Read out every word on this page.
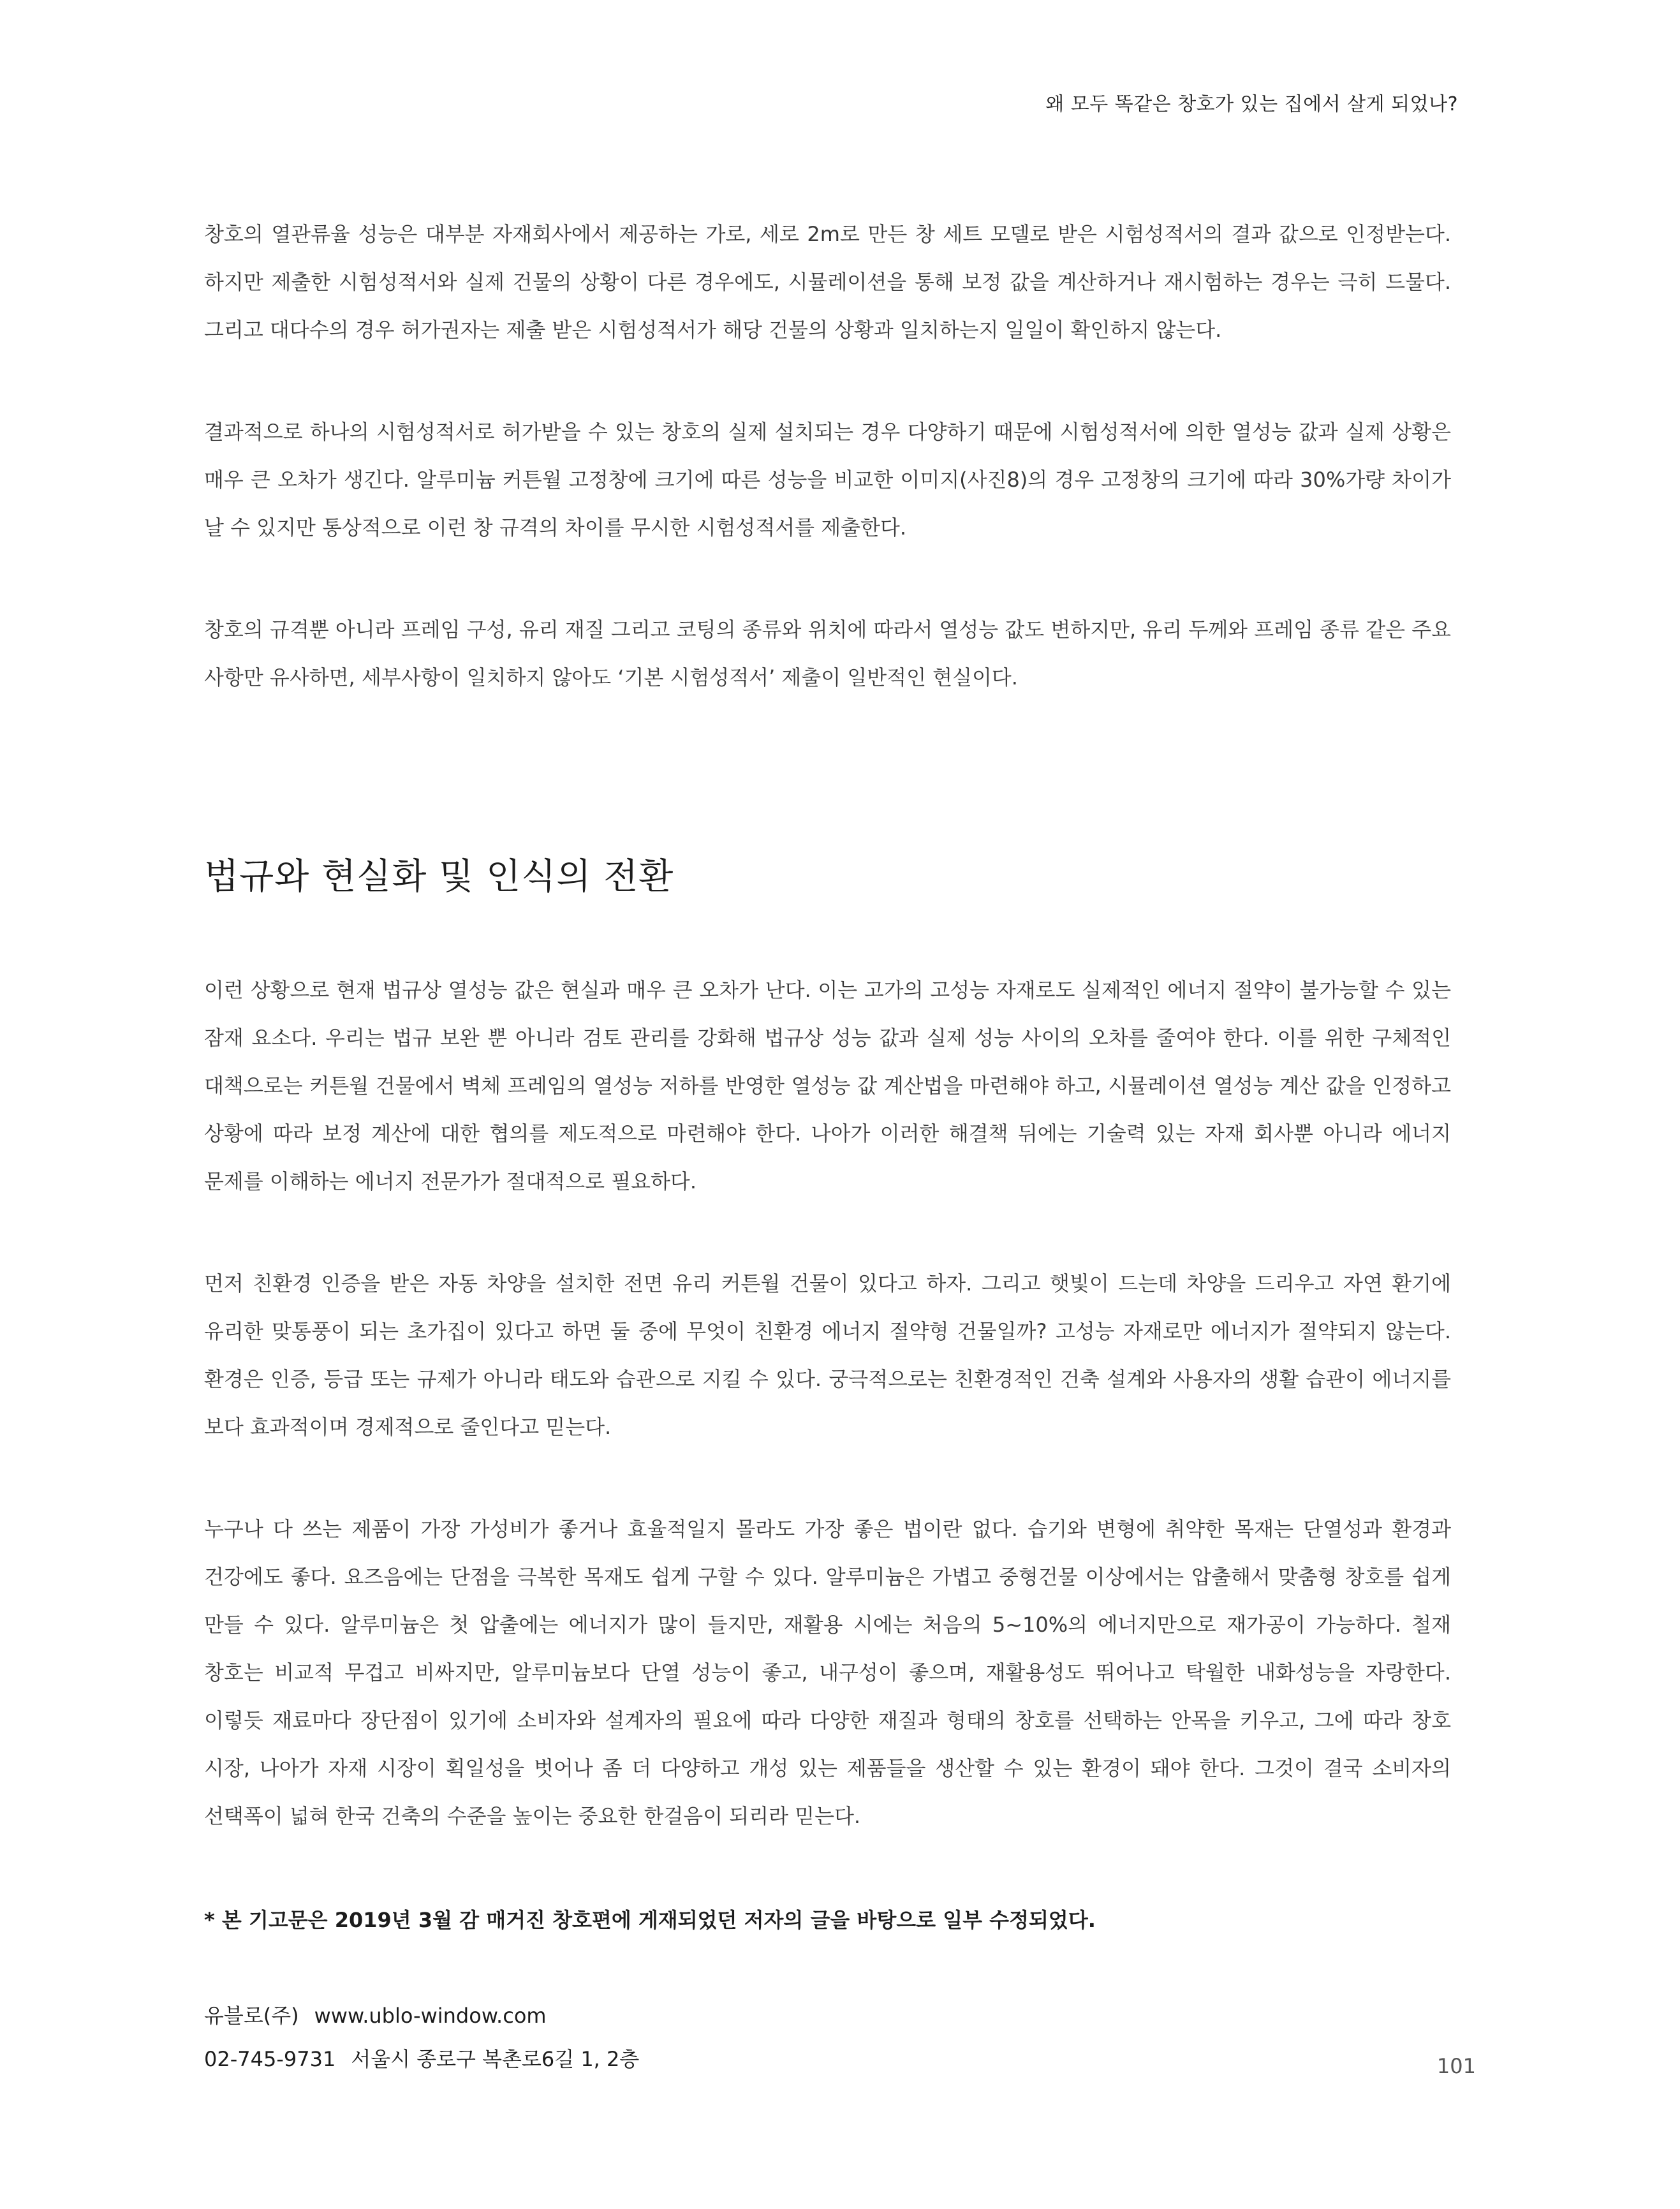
왜 모두 똑같은 창호가 있는 집에서 살게 되었나?

창호의 열관류율 성능은 대부분 자재회사에서 제공하는 가로, 세로 2m로 만든 창 세트 모델로 받은 시험성적서의 결과 값으로 인정받는다. 하지만 제출한 시험성적서와 실제 건물의 상황이 다른 경우에도, 시뮬레이션을 통해 보정 값을 계산하거나 재시험하는 경우는 극히 드물다. 그리고 대다수의 경우 허가권자는 제출 받은 시험성적서가 해당 건물의 상황과 일치하는지 일일이 확인하지 않는다.

결과적으로 하나의 시험성적서로 허가받을 수 있는 창호의 실제 설치되는 경우 다양하기 때문에 시험성적서에 의한 열성능 값과 실제 상황은 매우 큰 오차가 생긴다. 알루미늄 커튼월 고정창에 크기에 따른 성능을 비교한 이미지(사진8)의 경우 고정창의 크기에 따라 30%가량 차이가 날 수 있지만 통상적으로 이런 창 규격의 차이를 무시한 시험성적서를 제출한다.

창호의 규격뿐 아니라 프레임 구성, 유리 재질 그리고 코팅의 종류와 위치에 따라서 열성능 값도 변하지만, 유리 두께와 프레임 종류 같은 주요 사항만 유사하면, 세부사항이 일치하지 않아도 ‘기본 시험성적서’ 제출이 일반적인 현실이다.

법규와 현실화 및 인식의 전환

이런 상황으로 현재 법규상 열성능 값은 현실과 매우 큰 오차가 난다. 이는 고가의 고성능 자재로도 실제적인 에너지 절약이 불가능할 수 있는 잠재 요소다. 우리는 법규 보완 뿐 아니라 검토 관리를 강화해 법규상 성능 값과 실제 성능 사이의 오차를 줄여야 한다. 이를 위한 구체적인 대책으로는 커튼월 건물에서 벽체 프레임의 열성능 저하를 반영한 열성능 값 계산법을 마련해야 하고, 시뮬레이션 열성능 계산 값을 인정하고 상황에 따라 보정 계산에 대한 협의를 제도적으로 마련해야 한다. 나아가 이러한 해결책 뒤에는 기술력 있는 자재 회사뿐 아니라 에너지 문제를 이해하는 에너지 전문가가 절대적으로 필요하다.

먼저 친환경 인증을 받은 자동 차양을 설치한 전면 유리 커튼월 건물이 있다고 하자. 그리고 햇빛이 드는데 차양을 드리우고 자연 환기에 유리한 맞통풍이 되는 초가집이 있다고 하면 둘 중에 무엇이 친환경 에너지 절약형 건물일까? 고성능 자재로만 에너지가 절약되지 않는다. 환경은 인증, 등급 또는 규제가 아니라 태도와 습관으로 지킬 수 있다. 궁극적으로는 친환경적인 건축 설계와 사용자의 생활 습관이 에너지를 보다 효과적이며 경제적으로 줄인다고 믿는다.

누구나 다 쓰는 제품이 가장 가성비가 좋거나 효율적일지 몰라도 가장 좋은 법이란 없다. 습기와 변형에 취약한 목재는 단열성과 환경과 건강에도 좋다. 요즈음에는 단점을 극복한 목재도 쉽게 구할 수 있다. 알루미늄은 가볍고 중형건물 이상에서는 압출해서 맞춤형 창호를 쉽게 만들 수 있다. 알루미늄은 첫 압출에는 에너지가 많이 들지만, 재활용 시에는 처음의 5~10%의 에너지만으로 재가공이 가능하다. 철재 창호는 비교적 무겁고 비싸지만, 알루미늄보다 단열 성능이 좋고, 내구성이 좋으며, 재활용성도 뛰어나고 탁월한 내화성능을 자랑한다. 이렇듯 재료마다 장단점이 있기에 소비자와 설계자의 필요에 따라 다양한 재질과 형태의 창호를 선택하는 안목을 키우고, 그에 따라 창호 시장, 나아가 자재 시장이 획일성을 벗어나 좀 더 다양하고 개성 있는 제품들을 생산할 수 있는 환경이 돼야 한다. 그것이 결국 소비자의 선택폭이 넓혀 한국 건축의 수준을 높이는 중요한 한걸음이 되리라 믿는다.

* 본 기고문은 2019년 3월 감 매거진 창호편에 게재되었던 저자의 글을 바탕으로 일부 수정되었다.

유블로(주) www.ublo-window.com
02-745-9731 서울시 종로구 복촌로6길 1, 2층	101
